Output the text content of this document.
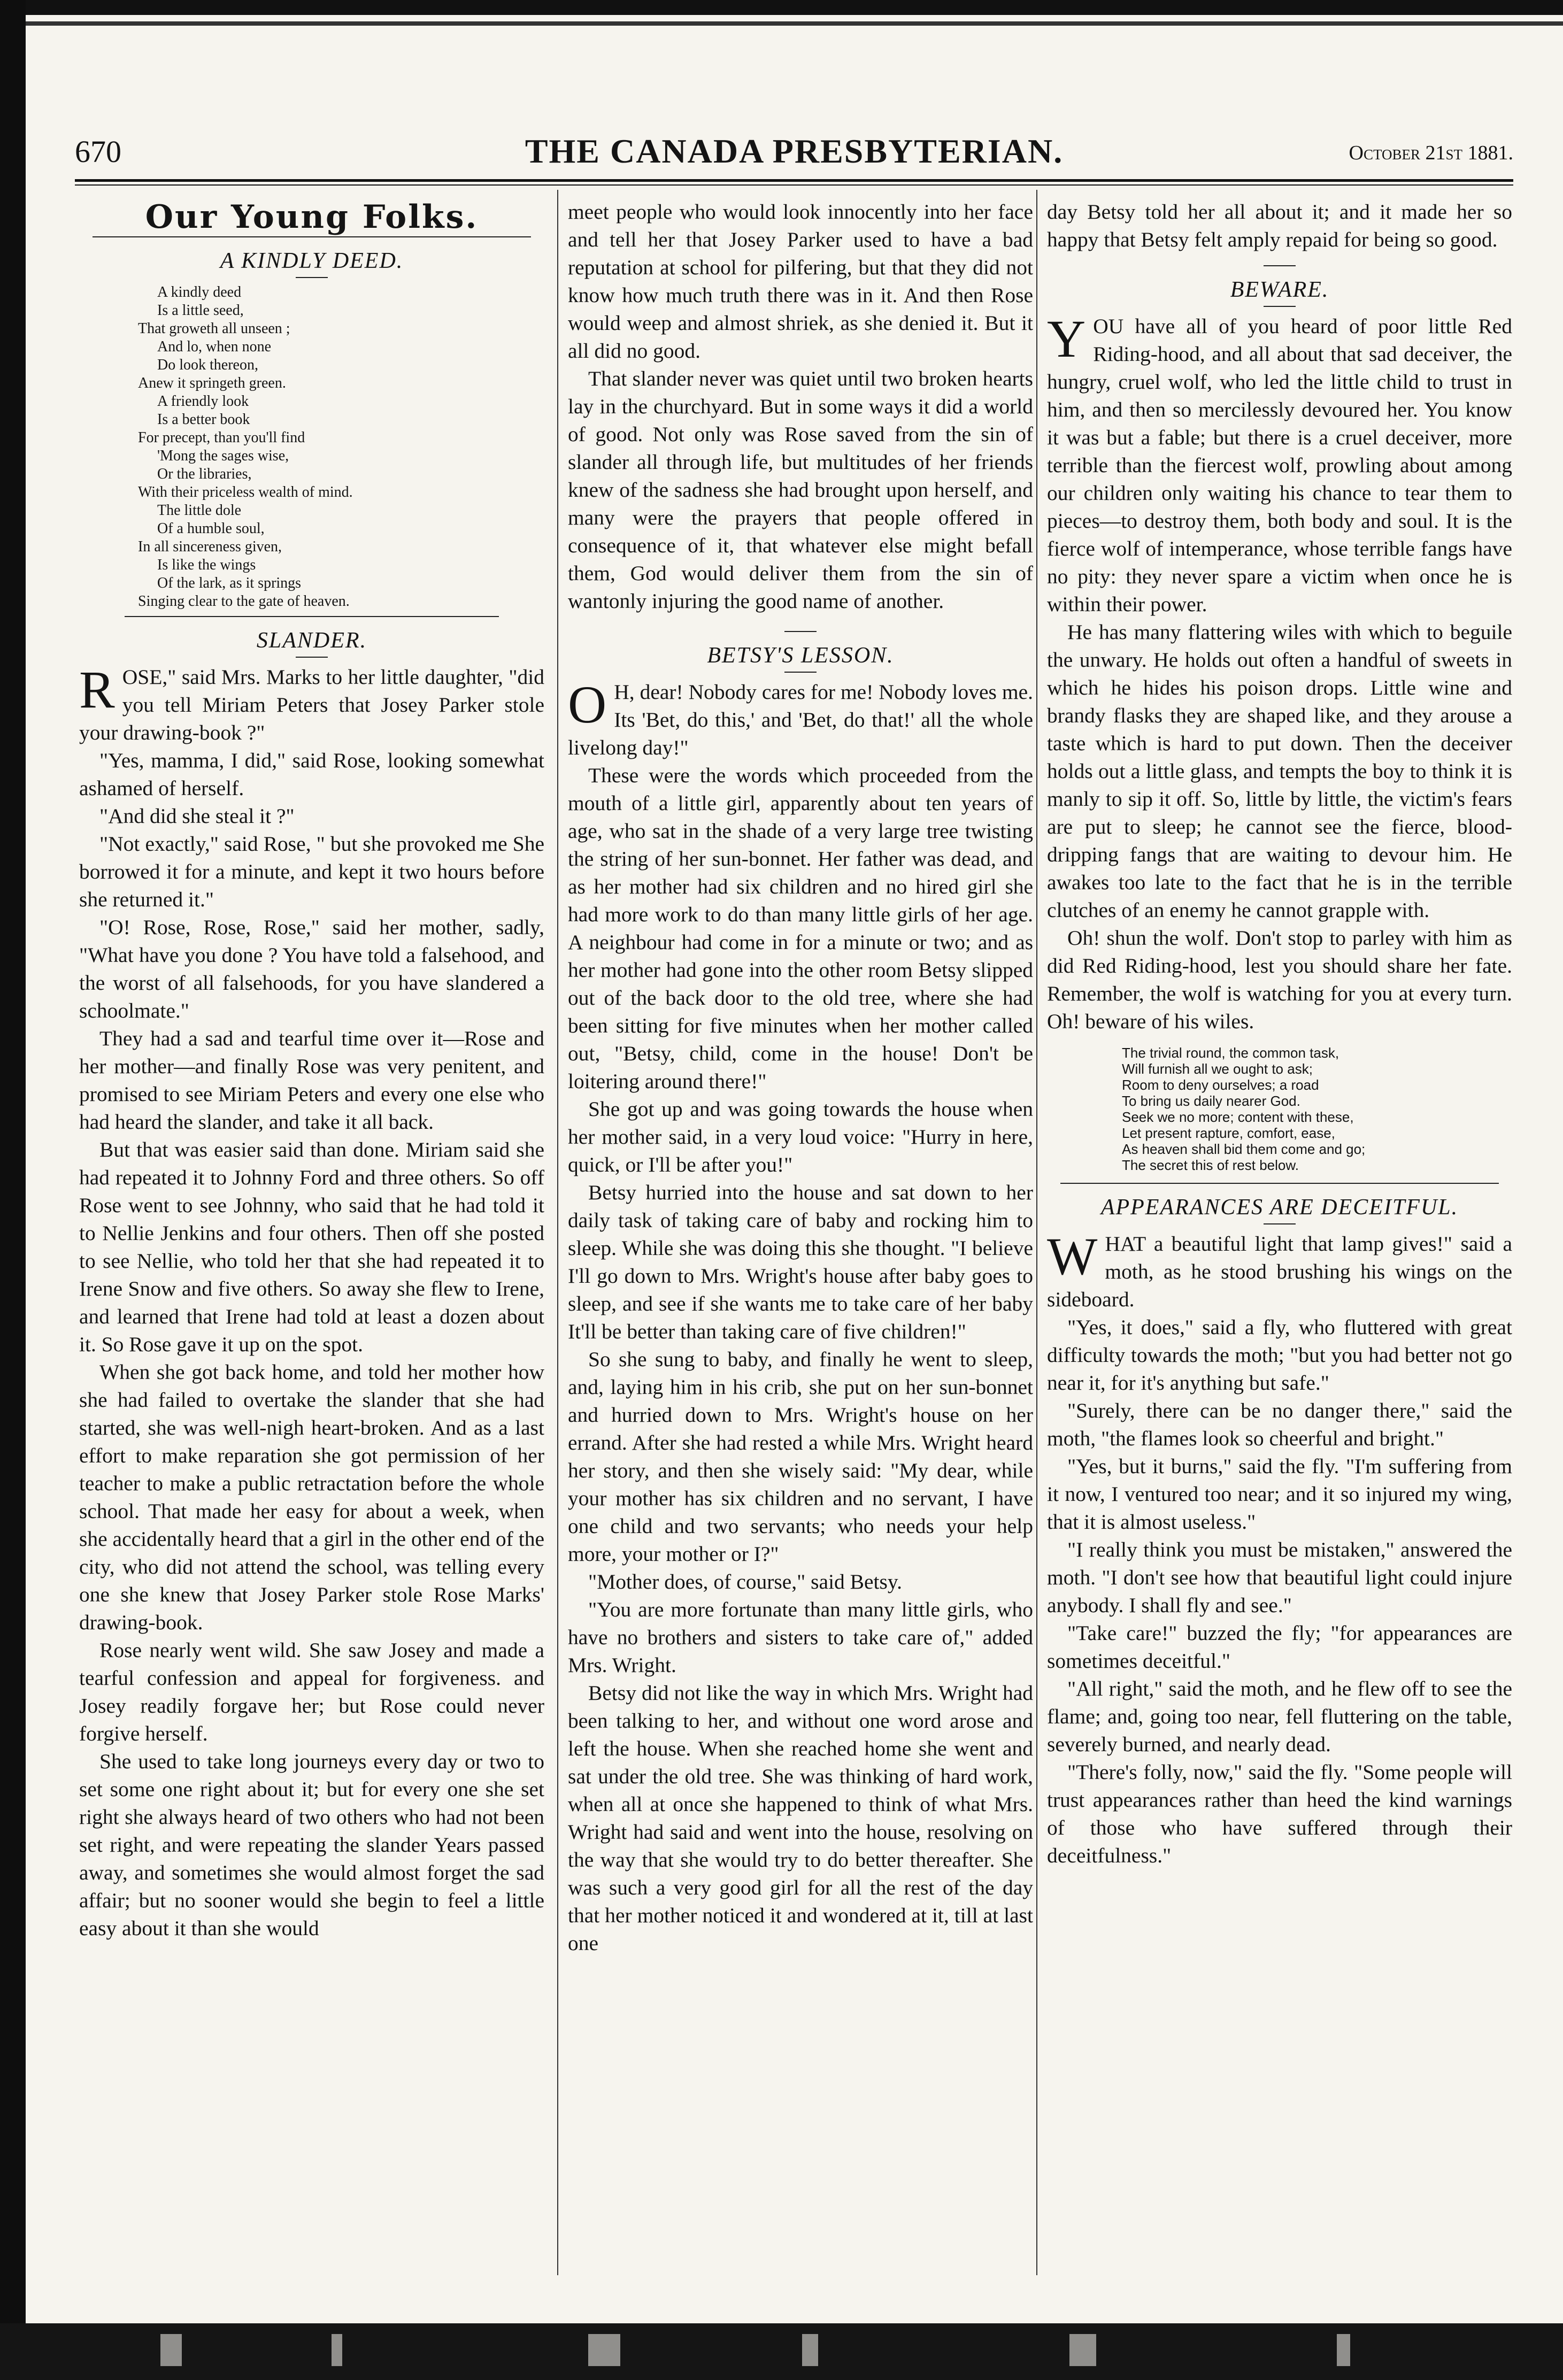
670	THE CANADA PRESBYTERIAN.	October 21st 1881.
Our Young Folks.
A KINDLY DEED.
A kindly deed
Is a little seed,
That groweth all unseen ;
And lo, when none
Do look thereon,
Anew it springeth green.
A friendly look
Is a better book
For precept, than you'll find
'Mong the sages wise,
Or the libraries,
With their priceless wealth of mind.
The little dole
Of a humble soul,
In all sincereness given,
Is like the wings
Of the lark, as it springs
Singing clear to the gate of heaven.
SLANDER.

ROSE," said Mrs. Marks to her little daughter, "did you tell Miriam Peters that Josey Parker stole your drawing-book ?"

"Yes, mamma, I did," said Rose, looking somewhat ashamed of herself.

"And did she steal it ?"

"Not exactly," said Rose, " but she provoked me She borrowed it for a minute, and kept it two hours before she returned it."

"O! Rose, Rose, Rose," said her mother, sadly, "What have you done ? You have told a falsehood, and the worst of all falsehoods, for you have slandered a schoolmate."

They had a sad and tearful time over it—Rose and her mother—and finally Rose was very penitent, and promised to see Miriam Peters and every one else who had heard the slander, and take it all back.

But that was easier said than done. Miriam said she had repeated it to Johnny Ford and three others. So off Rose went to see Johnny, who said that he had told it to Nellie Jenkins and four others. Then off she posted to see Nellie, who told her that she had repeated it to Irene Snow and five others. So away she flew to Irene, and learned that Irene had told at least a dozen about it. So Rose gave it up on the spot.

When she got back home, and told her mother how she had failed to overtake the slander that she had started, she was well-nigh heart-broken. And as a last effort to make reparation she got permission of her teacher to make a public retractation before the whole school. That made her easy for about a week, when she accidentally heard that a girl in the other end of the city, who did not attend the school, was telling every one she knew that Josey Parker stole Rose Marks' drawing-book.

Rose nearly went wild. She saw Josey and made a tearful confession and appeal for forgiveness. and Josey readily forgave her; but Rose could never forgive herself.

She used to take long journeys every day or two to set some one right about it; but for every one she set right she always heard of two others who had not been set right, and were repeating the slander Years passed away, and sometimes she would almost forget the sad affair; but no sooner would she begin to feel a little easy about it than she would

meet people who would look innocently into her face and tell her that Josey Parker used to have a bad reputation at school for pilfering, but that they did not know how much truth there was in it. And then Rose would weep and almost shriek, as she denied it. But it all did no good.

That slander never was quiet until two broken hearts lay in the churchyard. But in some ways it did a world of good. Not only was Rose saved from the sin of slander all through life, but multitudes of her friends knew of the sadness she had brought upon herself, and many were the prayers that people offered in consequence of it, that whatever else might befall them, God would deliver them from the sin of wantonly injuring the good name of another.

BETSY'S LESSON.

O H, dear! Nobody cares for me! Nobody loves me. Its 'Bet, do this,' and 'Bet, do that!' all the whole livelong day!"

These were the words which proceeded from the mouth of a little girl, apparently about ten years of age, who sat in the shade of a very large tree twisting the string of her sun-bonnet. Her father was dead, and as her mother had six children and no hired girl she had more work to do than many little girls of her age. A neighbour had come in for a minute or two; and as her mother had gone into the other room Betsy slipped out of the back door to the old tree, where she had been sitting for five minutes when her mother called out, "Betsy, child, come in the house! Don't be loitering around there!"

She got up and was going towards the house when her mother said, in a very loud voice: "Hurry in here, quick, or I'll be after you!"

Betsy hurried into the house and sat down to her daily task of taking care of baby and rocking him to sleep. While she was doing this she thought. "I believe I'll go down to Mrs. Wright's house after baby goes to sleep, and see if she wants me to take care of her baby It'll be better than taking care of five children!"

So she sung to baby, and finally he went to sleep, and, laying him in his crib, she put on her sun-bonnet and hurried down to Mrs. Wright's house on her errand. After she had rested a while Mrs. Wright heard her story, and then she wisely said: "My dear, while your mother has six children and no servant, I have one child and two servants; who needs your help more, your mother or I?"

"Mother does, of course," said Betsy.

"You are more fortunate than many little girls, who have no brothers and sisters to take care of," added Mrs. Wright.

Betsy did not like the way in which Mrs. Wright had been talking to her, and without one word arose and left the house. When she reached home she went and sat under the old tree. She was thinking of hard work, when all at once she happened to think of what Mrs. Wright had said and went into the house, resolving on the way that she would try to do better thereafter. She was such a very good girl for all the rest of the day that her mother noticed it and wondered at it, till at last one

day Betsy told her all about it; and it made her so happy that Betsy felt amply repaid for being so good.

BEWARE.

YOU have all of you heard of poor little Red Riding-hood, and all about that sad deceiver, the hungry, cruel wolf, who led the little child to trust in him, and then so mercilessly devoured her. You know it was but a fable; but there is a cruel deceiver, more terrible than the fiercest wolf, prowling about among our children only waiting his chance to tear them to pieces—to destroy them, both body and soul. It is the fierce wolf of intemperance, whose terrible fangs have no pity: they never spare a victim when once he is within their power.

He has many flattering wiles with which to beguile the unwary. He holds out often a handful of sweets in which he hides his poison drops. Little wine and brandy flasks they are shaped like, and they arouse a taste which is hard to put down. Then the deceiver holds out a little glass, and tempts the boy to think it is manly to sip it off. So, little by little, the victim's fears are put to sleep; he cannot see the fierce, blood-dripping fangs that are waiting to devour him. He awakes too late to the fact that he is in the terrible clutches of an enemy he cannot grapple with.

Oh! shun the wolf. Don't stop to parley with him as did Red Riding-hood, lest you should share her fate. Remember, the wolf is watching for you at every turn. Oh! beware of his wiles.

The trivial round, the common task,
Will furnish all we ought to ask;
Room to deny ourselves; a road
To bring us daily nearer God.
Seek we no more; content with these,
Let present rapture, comfort, ease,
As heaven shall bid them come and go;
The secret this of rest below.
APPEARANCES ARE DECEITFUL.

WHAT a beautiful light that lamp gives!" said a moth, as he stood brushing his wings on the sideboard.

"Yes, it does," said a fly, who fluttered with great difficulty towards the moth; "but you had better not go near it, for it's anything but safe."

"Surely, there can be no danger there," said the moth, "the flames look so cheerful and bright."

"Yes, but it burns," said the fly. "I'm suffering from it now, I ventured too near; and it so injured my wing, that it is almost useless."

"I really think you must be mistaken," answered the moth. "I don't see how that beautiful light could injure anybody. I shall fly and see."

"Take care!" buzzed the fly; "for appearances are sometimes deceitful."

"All right," said the moth, and he flew off to see the flame; and, going too near, fell fluttering on the table, severely burned, and nearly dead.

"There's folly, now," said the fly. "Some people will trust appearances rather than heed the kind warnings of those who have suffered through their deceitfulness."
